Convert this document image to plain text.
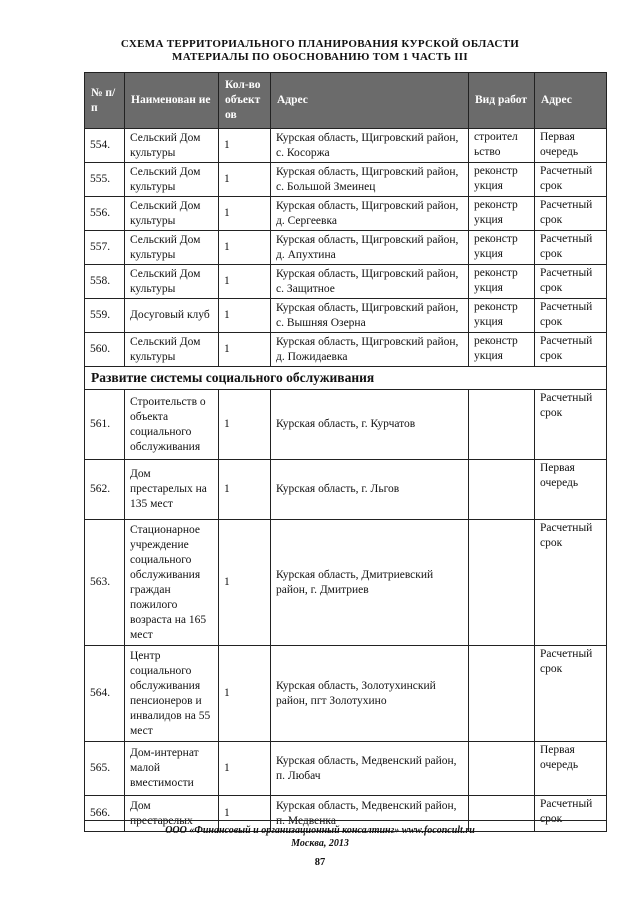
СХЕМА ТЕРРИТОРИАЛЬНОГО ПЛАНИРОВАНИЯ КУРСКОЙ ОБЛАСТИ
МАТЕРИАЛЫ ПО ОБОСНОВАНИЮ ТОМ 1 ЧАСТЬ III
№ п/п	Наименован ие	Кол-во объект ов	Адрес	Вид работ	Адрес
554.	Сельский Дом культуры	1	Курская область, Щигровский район, с. Косоржа	строител ьство	Первая очередь
555.	Сельский Дом культуры	1	Курская область, Щигровский район, с. Большой Змеинец	реконстр укция	Расчетный срок
556.	Сельский Дом культуры	1	Курская область, Щигровский район, д. Сергеевка	реконстр укция	Расчетный срок
557.	Сельский Дом культуры	1	Курская область, Щигровский район, д. Апухтина	реконстр укция	Расчетный срок
558.	Сельский Дом культуры	1	Курская область, Щигровский район, с. Защитное	реконстр укция	Расчетный срок
559.	Досуговый клуб	1	Курская область, Щигровский район, с. Вышняя Озерна	реконстр укция	Расчетный срок
560.	Сельский Дом культуры	1	Курская область, Щигровский район, д. Пожидаевка	реконстр укция	Расчетный срок
Развитие системы социального обслуживания					
561.	Строительств о объекта социального обслуживания	1	Курская область, г. Курчатов		Расчетный срок
562.	Дом престарелых на 135 мест	1	Курская область, г. Льгов		Первая очередь
563.	Стационарное учреждение социального обслуживания граждан пожилого возраста на 165 мест	1	Курская область, Дмитриевский район, г. Дмитриев		Расчетный срок
564.	Центр социального обслуживания пенсионеров и инвалидов на 55 мест	1	Курская область, Золотухинский район, пгт Золотухино		Расчетный срок
565.	Дом-интернат малой вместимости	1	Курская область, Медвенский район, п. Любач		Первая очередь
566.	Дом престарелых	1	Курская область, Медвенский район, п. Медвенка		Расчетный срок
ООО «Финансовый и организационный консалтинг» www.foconcult.ru
Москва, 2013
87
